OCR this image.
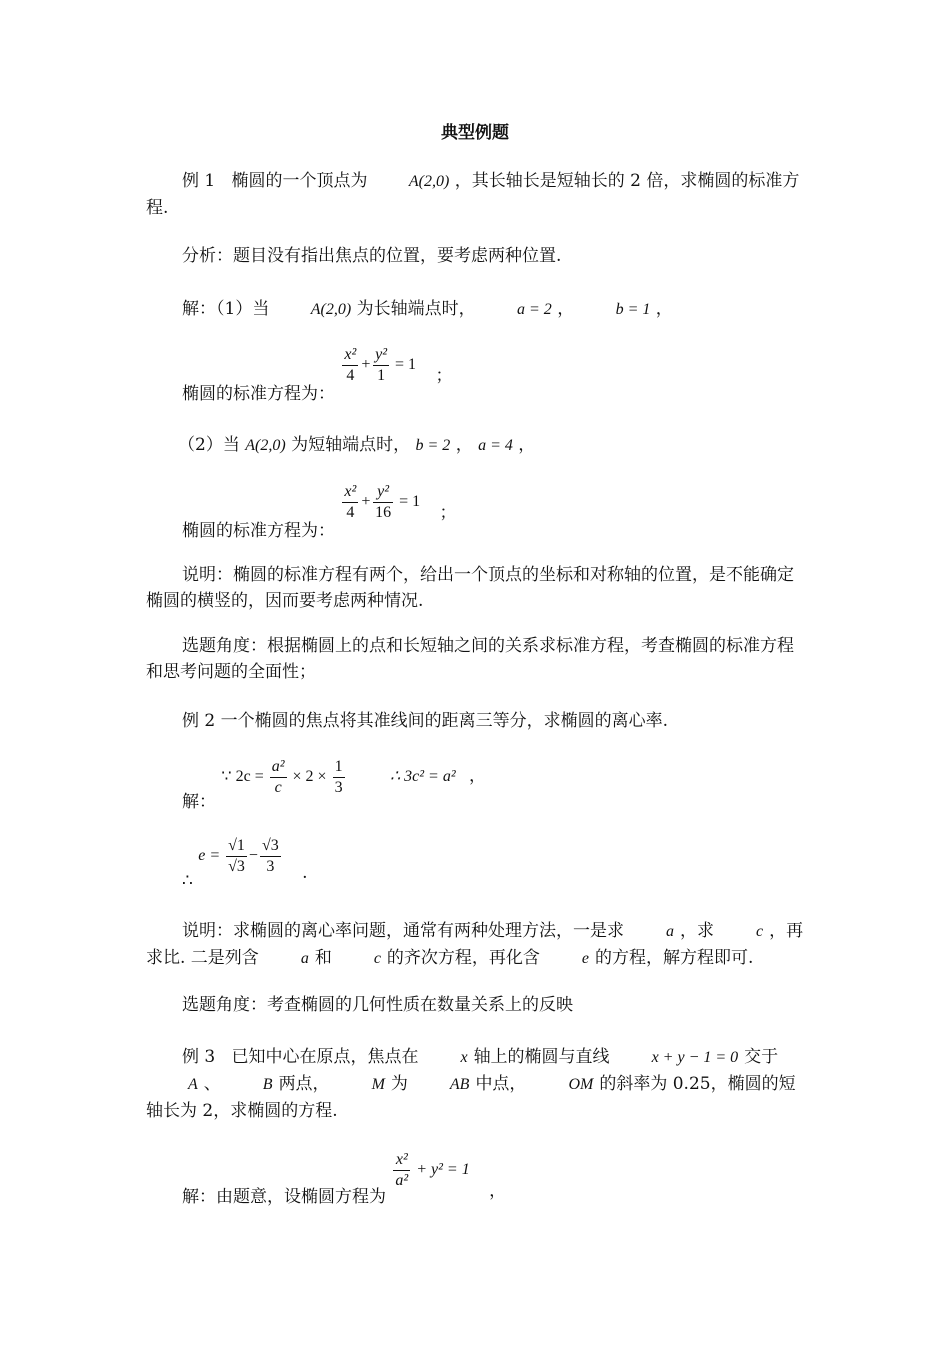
典型例题
例 1 椭圆的一个顶点为	A(2,0) ，其长轴长是短轴长的 2 倍，求椭圆的标准方程.
分析：题目没有指出焦点的位置，要考虑两种位置.
解：（1）当	A(2,0) 为长轴端点时，	a = 2 ，	b = 1 ，
椭圆的标准方程为：
$\frac{\text{x²}}{4} + \frac{\text{y²}}{1} = 1$ ；
（2）当 A(2,0) 为短轴端点时， b = 2 ， a = 4 ，
椭圆的标准方程为：
$\frac{\text{x²}}{4} + \frac{\text{y²}}{16} = 1$ ；
说明：椭圆的标准方程有两个，给出一个顶点的坐标和对称轴的位置，是不能确定椭圆的横竖的，因而要考虑两种情况.
选题角度：根据椭圆上的点和长短轴之间的关系求标准方程，考查椭圆的标准方程和思考问题的全面性；
例 2 一个椭圆的焦点将其准线间的距离三等分，求椭圆的离心率.
解： ∵ $2c = \frac{\text{a²}}{c} \times 2 \times \frac{1}{3}$	∴ 3c² = a² ，
∴ $e = \frac{√1}{√3} - \frac{√3}{3}$ .
说明：求椭圆的离心率问题，通常有两种处理方法，一是求	a ，求	c ，再求比. 二是列含	a 和	c 的齐次方程，再化含	e 的方程，解方程即可.
选题角度：考查椭圆的几何性质在数量关系上的反映
例 3 已知中心在原点，焦点在	x 轴上的椭圆与直线	x + y − 1 = 0 交于A 、	B 两点，	M 为	AB 中点，	OM 的斜率为 0.25，椭圆的短轴长为 2，求椭圆的方程.
解：由题意，设椭圆方程为
$\frac{\text{x²}}{\text{a²}} + y^2 = 1$ ，
